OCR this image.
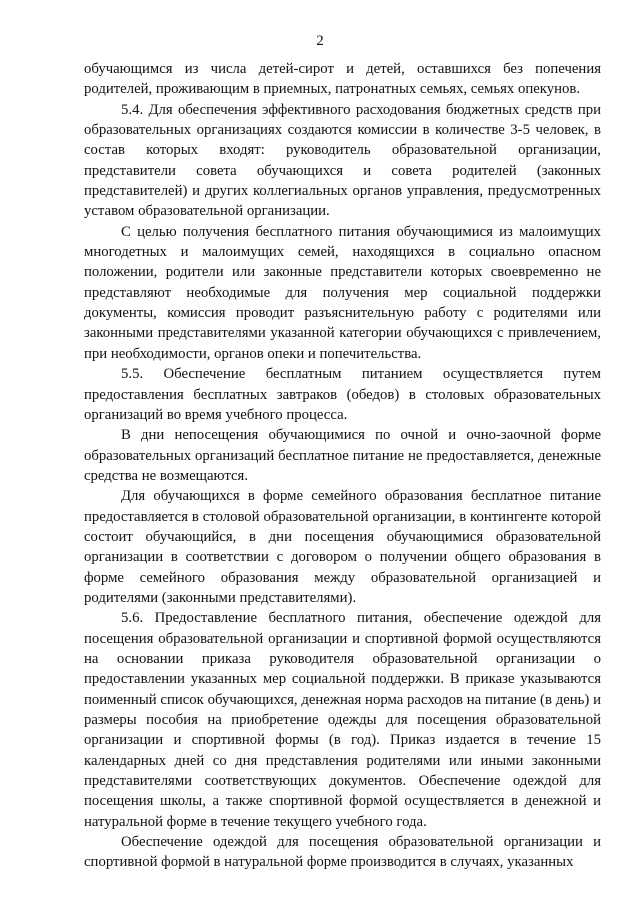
2

обучающимся из числа детей-сирот и детей, оставшихся без попечения родителей, проживающим в приемных, патронатных семьях, семьях опекунов.

5.4. Для обеспечения эффективного расходования бюджетных средств при образовательных организациях создаются комиссии в количестве 3-5 человек, в состав которых входят: руководитель образовательной организации, представители совета обучающихся и совета родителей (законных представителей) и других коллегиальных органов управления, предусмотренных уставом образовательной организации.

С целью получения бесплатного питания обучающимися из малоимущих многодетных и малоимущих семей, находящихся в социально опасном положении, родители или законные представители которых своевременно не представляют необходимые для получения мер социальной поддержки документы, комиссия проводит разъяснительную работу с родителями или законными представителями указанной категории обучающихся с привлечением, при необходимости, органов опеки и попечительства.

5.5. Обеспечение бесплатным питанием осуществляется путем предоставления бесплатных завтраков (обедов) в столовых образовательных организаций во время учебного процесса.

В дни непосещения обучающимися по очной и очно-заочной форме образовательных организаций бесплатное питание не предоставляется, денежные средства не возмещаются.

Для обучающихся в форме семейного образования бесплатное питание предоставляется в столовой образовательной организации, в контингенте которой состоит обучающийся, в дни посещения обучающимися образовательной организации в соответствии с договором о получении общего образования в форме семейного образования между образовательной организацией и родителями (законными представителями).

5.6. Предоставление бесплатного питания, обеспечение одеждой для посещения образовательной организации и спортивной формой осуществляются на основании приказа руководителя образовательной организации о предоставлении указанных мер социальной поддержки. В приказе указываются поименный список обучающихся, денежная норма расходов на питание (в день) и размеры пособия на приобретение одежды для посещения образовательной организации и спортивной формы (в год). Приказ издается в течение 15 календарных дней со дня представления родителями или иными законными представителями соответствующих документов. Обеспечение одеждой для посещения школы, а также спортивной формой осуществляется в денежной и натуральной форме в течение текущего учебного года.

Обеспечение одеждой для посещения образовательной организации и спортивной формой в натуральной форме производится в случаях, указанных
